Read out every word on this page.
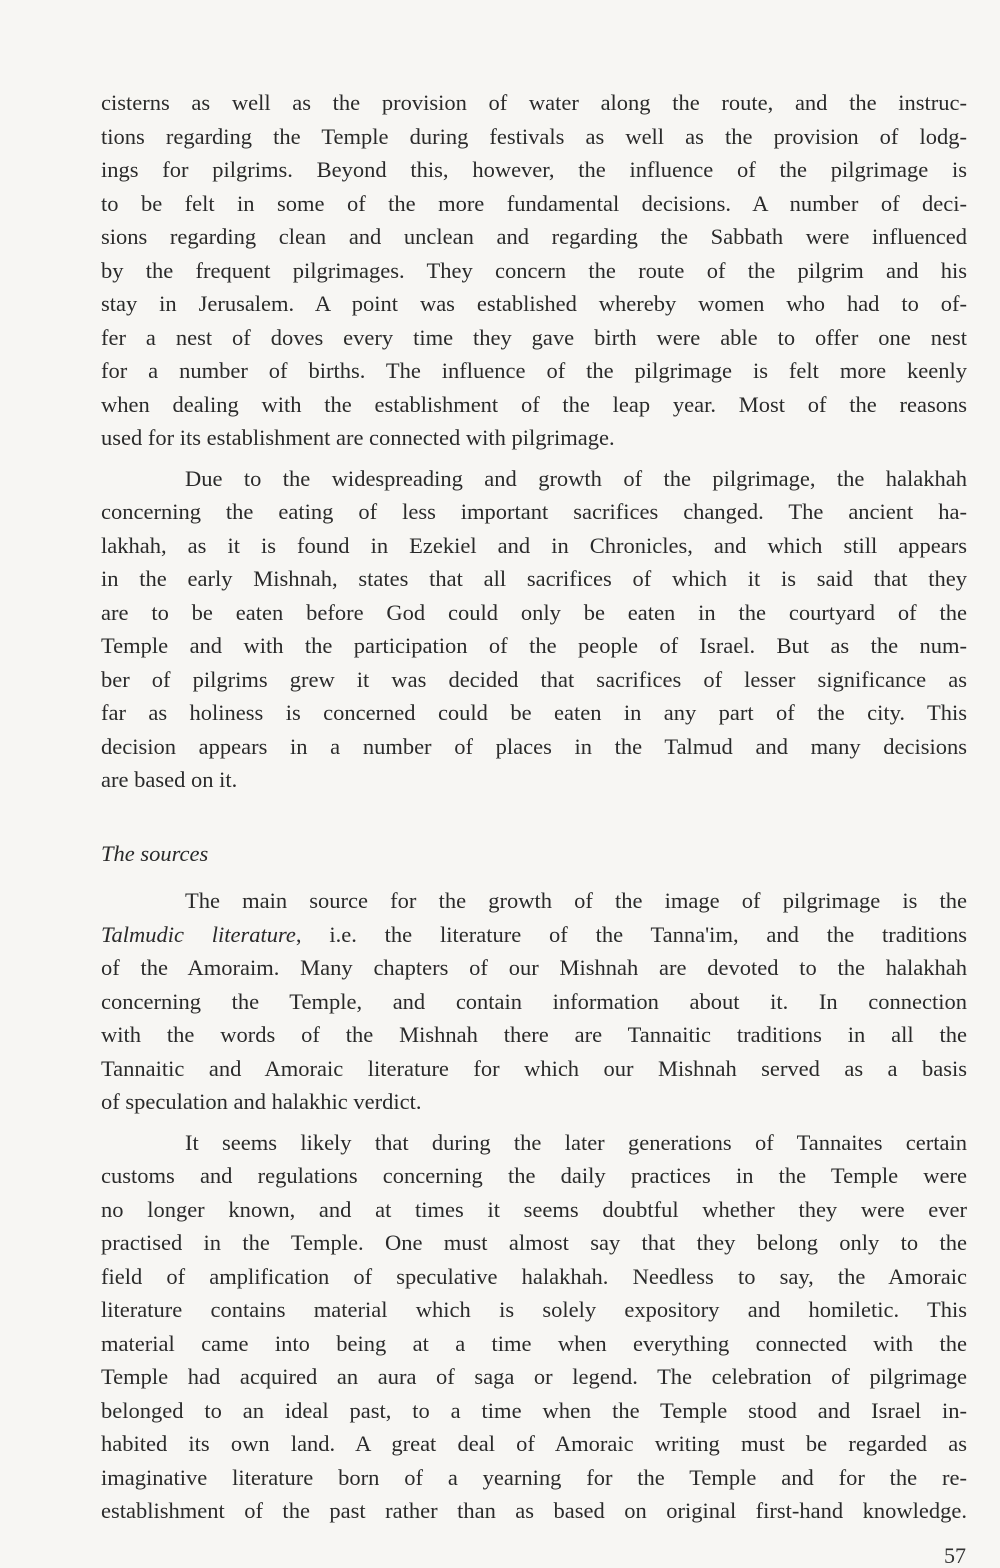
cisterns as well as the provision of water along the route, and the instruc-
tions regarding the Temple during festivals as well as the provision of lodg-
ings for pilgrims. Beyond this, however, the influence of the pilgrimage is
to be felt in some of the more fundamental decisions. A number of deci-
sions regarding clean and unclean and regarding the Sabbath were influenced
by the frequent pilgrimages. They concern the route of the pilgrim and his
stay in Jerusalem. A point was established whereby women who had to of-
fer a nest of doves every time they gave birth were able to offer one nest
for a number of births. The influence of the pilgrimage is felt more keenly
when dealing with the establishment of the leap year. Most of the reasons
used for its establishment are connected with pilgrimage.
Due to the widespreading and growth of the pilgrimage, the halakhah
concerning the eating of less important sacrifices changed. The ancient ha-
lakhah, as it is found in Ezekiel and in Chronicles, and which still appears
in the early Mishnah, states that all sacrifices of which it is said that they
are to be eaten before God could only be eaten in the courtyard of the
Temple and with the participation of the people of Israel. But as the num-
ber of pilgrims grew it was decided that sacrifices of lesser significance as
far as holiness is concerned could be eaten in any part of the city. This
decision appears in a number of places in the Talmud and many decisions
are based on it.
The sources
The main source for the growth of the image of pilgrimage is the
Talmudic literature, i.e. the literature of the Tanna'im, and the traditions
of the Amoraim. Many chapters of our Mishnah are devoted to the halakhah
concerning the Temple, and contain information about it. In connection
with the words of the Mishnah there are Tannaitic traditions in all the
Tannaitic and Amoraic literature for which our Mishnah served as a basis
of speculation and halakhic verdict.
It seems likely that during the later generations of Tannaites certain
customs and regulations concerning the daily practices in the Temple were
no longer known, and at times it seems doubtful whether they were ever
practised in the Temple. One must almost say that they belong only to the
field of amplification of speculative halakhah. Needless to say, the Amoraic
literature contains material which is solely expository and homiletic. This
material came into being at a time when everything connected with the
Temple had acquired an aura of saga or legend. The celebration of pilgrimage
belonged to an ideal past, to a time when the Temple stood and Israel in-
habited its own land. A great deal of Amoraic writing must be regarded as
imaginative literature born of a yearning for the Temple and for the re-
establishment of the past rather than as based on original first-hand knowledge.
57
